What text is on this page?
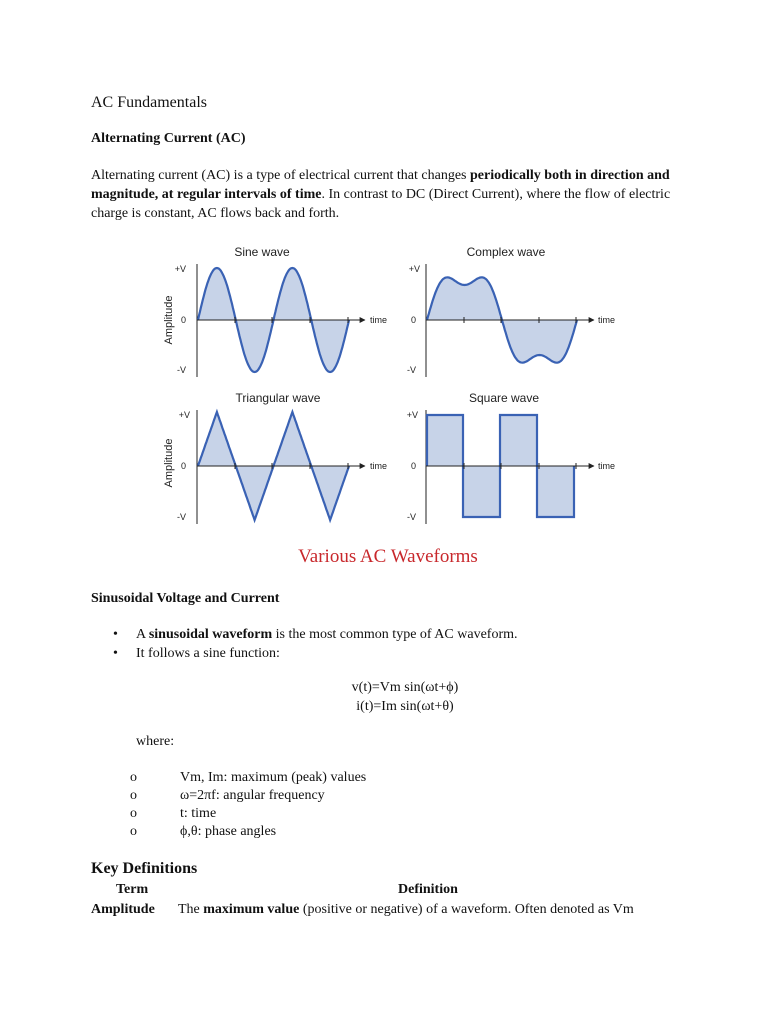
AC Fundamentals
Alternating Current (AC)
Alternating current (AC) is a type of electrical current that changes periodically both in direction and magnitude, at regular intervals of time. In contrast to DC (Direct Current), where the flow of electric charge is constant, AC flows back and forth.
Sine wave
+V
0
-V
Amplitude	time
Complex wave
+V
0
-V
time
Triangular wave
+V
0
-V
Amplitude	time
Square wave
+V
0
-V
time
Various AC Waveforms
Sinusoidal Voltage and Current
• A sinusoidal waveform is the most common type of AC waveform.
• It follows a sine function:
v(t)=Vm sin(ωt+ϕ)
i(t)=Im sin(ωt+θ)
where:
o Vm, Im: maximum (peak) values
o ω=2πf: angular frequency
o t: time
o ϕ,θ: phase angles
Key Definitions
Term	Definition
Amplitude The maximum value (positive or negative) of a waveform. Often denoted as Vm
